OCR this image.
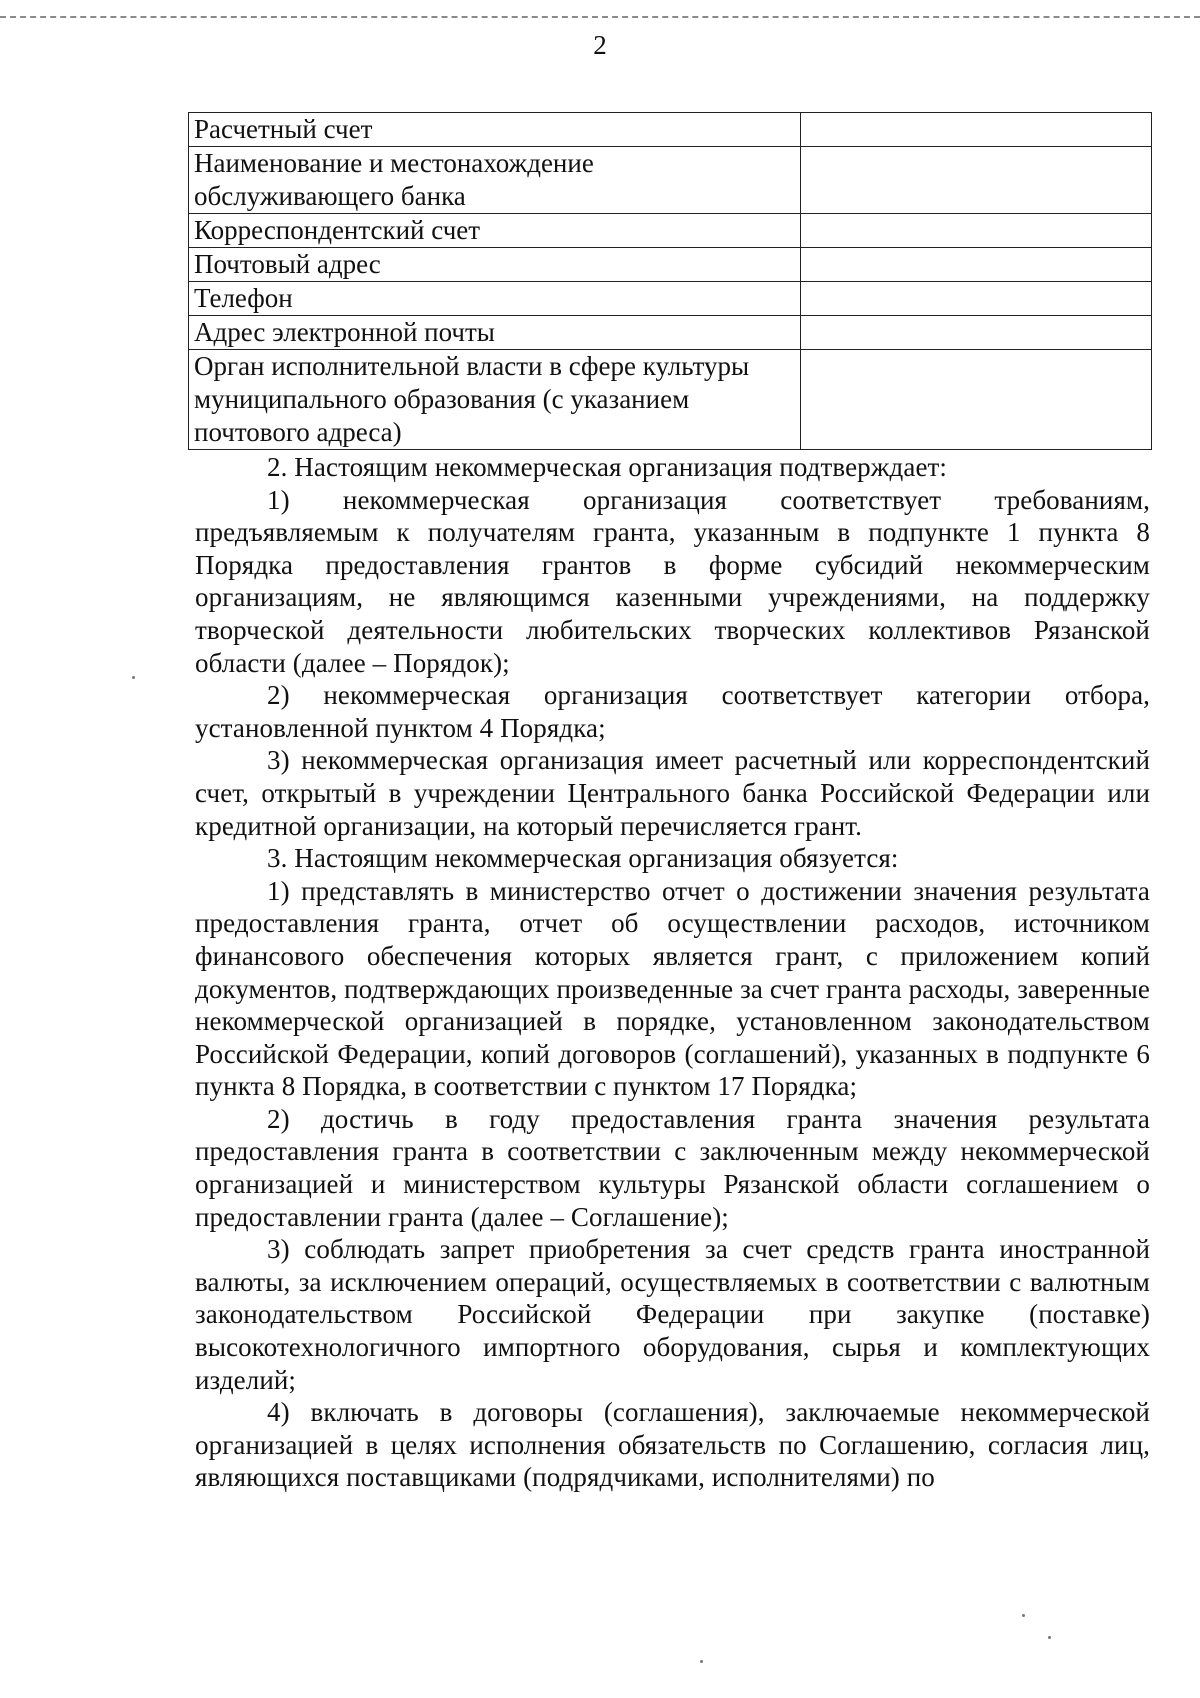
2
Расчетный счет	
Наименование и местонахождение обслуживающего банка	
Корреспондентский счет	
Почтовый адрес	
Телефон	
Адрес электронной почты	
Орган исполнительной власти в сфере культуры муниципального образования (с указанием почтового адреса)	

2. Настоящим некоммерческая организация подтверждает:

1) некоммерческая организация соответствует требованиям, предъявляемым к получателям гранта, указанным в подпункте 1 пункта 8 Порядка предоставления грантов в форме субсидий некоммерческим организациям, не являющимся казенными учреждениями, на поддержку творческой деятельности любительских творческих коллективов Рязанской области (далее – Порядок);

2) некоммерческая организация соответствует категории отбора, установленной пунктом 4 Порядка;

3) некоммерческая организация имеет расчетный или корреспондентский счет, открытый в учреждении Центрального банка Российской Федерации или кредитной организации, на который перечисляется грант.

3. Настоящим некоммерческая организация обязуется:

1) представлять в министерство отчет о достижении значения результата предоставления гранта, отчет об осуществлении расходов, источником финансового обеспечения которых является грант, с приложением копий документов, подтверждающих произведенные за счет гранта расходы, заверенные некоммерческой организацией в порядке, установленном законодательством Российской Федерации, копий договоров (соглашений), указанных в подпункте 6 пункта 8 Порядка, в соответствии с пунктом 17 Порядка;

2) достичь в году предоставления гранта значения результата предоставления гранта в соответствии с заключенным между некоммерческой организацией и министерством культуры Рязанской области соглашением о предоставлении гранта (далее – Соглашение);

3) соблюдать запрет приобретения за счет средств гранта иностранной валюты, за исключением операций, осуществляемых в соответствии с валютным законодательством Российской Федерации при закупке (поставке) высокотехнологичного импортного оборудования, сырья и комплектующих изделий;

4) включать в договоры (соглашения), заключаемые некоммерческой организацией в целях исполнения обязательств по Соглашению, согласия лиц, являющихся поставщиками (подрядчиками, исполнителями) по
